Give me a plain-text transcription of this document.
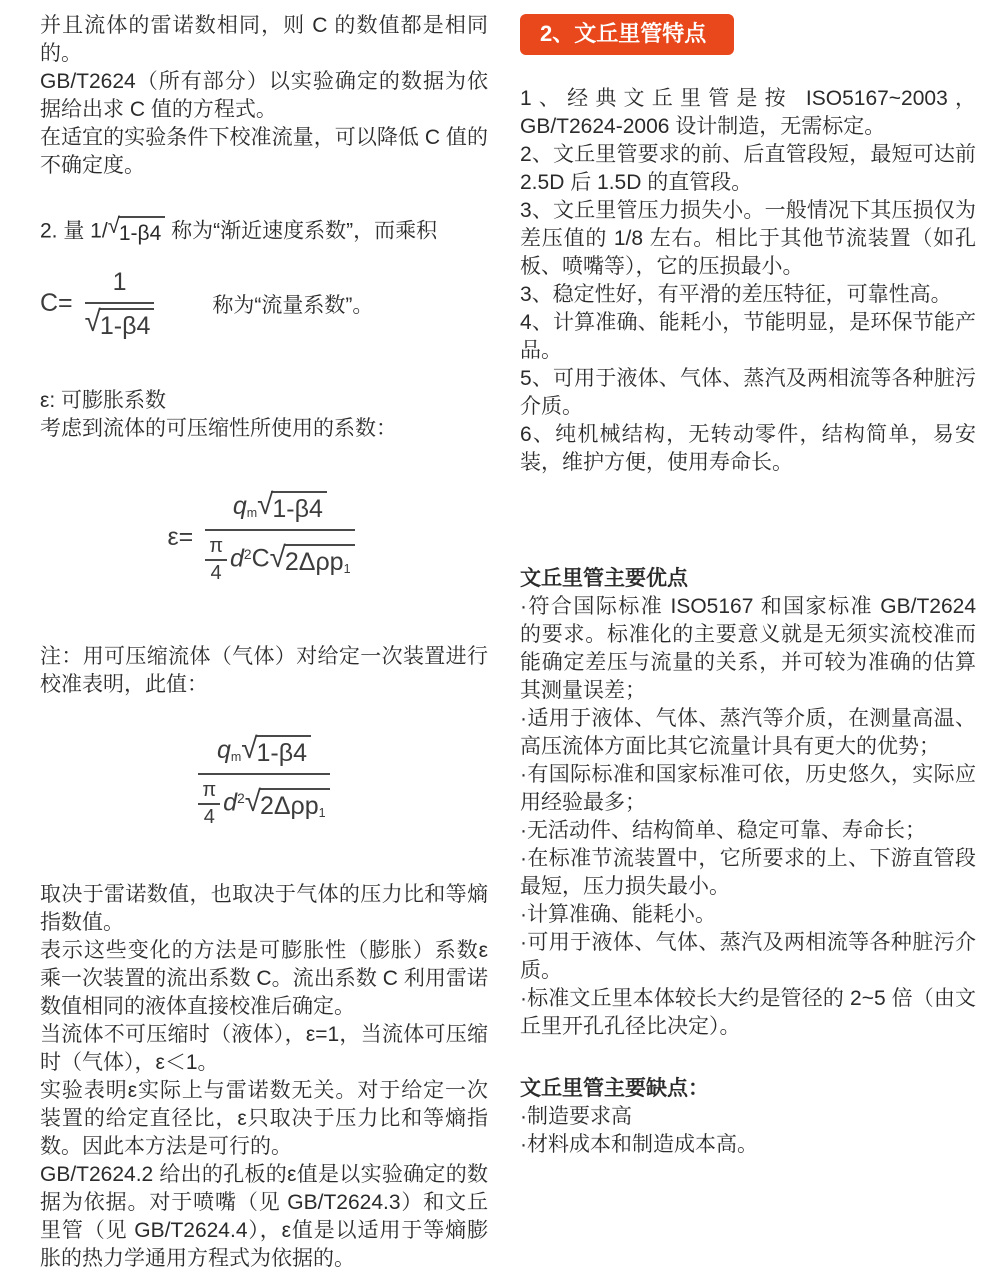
并且流体的雷诺数相同，则 C 的数值都是相同的。

GB/T2624（所有部分）以实验确定的数据为依据给出求 C 值的方程式。

在适宜的实验条件下校准流量，可以降低 C 值的不确定度。

2. 量 1/ √ 1-β4 称为“渐近速度系数”，而乘积

$C= \frac{1}{√ 1-\beta 4}$	称为“流量系数”。

ε: 可膨胀系数

考虑到流体的可压缩性所使用的系数：

$\varepsilon= \frac{q_m √ 1-\beta 4}{\frac{\pi}{4} d^2C √ 2\Delta\rho p_1}$

注：用可压缩流体（气体）对给定一次装置进行校准表明，此值：

$\frac{q_m √ 1-\beta 4}{\frac{\pi}{4} d^2 √ 2\Delta\rho p_1}$

取决于雷诺数值，也取决于气体的压力比和等熵指数值。

表示这些变化的方法是可膨胀性（膨胀）系数ε乘一次装置的流出系数 C。流出系数 C 利用雷诺数值相同的液体直接校准后确定。

当流体不可压缩时（液体），ε=1，当流体可压缩时（气体），ε＜1。

实验表明ε实际上与雷诺数无关。对于给定一次装置的给定直径比，ε只取决于压力比和等熵指数。因此本方法是可行的。

GB/T2624.2 给出的孔板的ε值是以实验确定的数据为依据。对于喷嘴（见 GB/T2624.3）和文丘里管（见 GB/T2624.4），ε值是以适用于等熵膨胀的热力学通用方程式为依据的。

2、文丘里管特点

1、经典文丘里管是按 ISO5167~2003，GB/T2624-2006 设计制造，无需标定。

2、文丘里管要求的前、后直管段短，最短可达前 2.5D 后 1.5D 的直管段。

3、文丘里管压力损失小。一般情况下其压损仅为差压值的 1/8 左右。相比于其他节流装置（如孔板、喷嘴等），它的压损最小。

3、稳定性好，有平滑的差压特征，可靠性高。

4、计算准确、能耗小，节能明显，是环保节能产品。

5、可用于液体、气体、蒸汽及两相流等各种脏污介质。

6、纯机械结构，无转动零件，结构简单，易安装，维护方便，使用寿命长。

文丘里管主要优点

·符合国际标准 ISO5167 和国家标准 GB/T2624 的要求。标准化的主要意义就是无须实流校准而能确定差压与流量的关系，并可较为准确的估算其测量误差；

·适用于液体、气体、蒸汽等介质，在测量高温、高压流体方面比其它流量计具有更大的优势；

·有国际标准和国家标准可依，历史悠久，实际应用经验最多；

·无活动件、结构简单、稳定可靠、寿命长；

·在标准节流装置中，它所要求的上、下游直管段最短，压力损失最小。

·计算准确、能耗小。

·可用于液体、气体、蒸汽及两相流等各种脏污介质。

·标准文丘里本体较长大约是管径的 2~5 倍（由文丘里开孔孔径比决定）。

文丘里管主要缺点：

·制造要求高

·材料成本和制造成本高。
